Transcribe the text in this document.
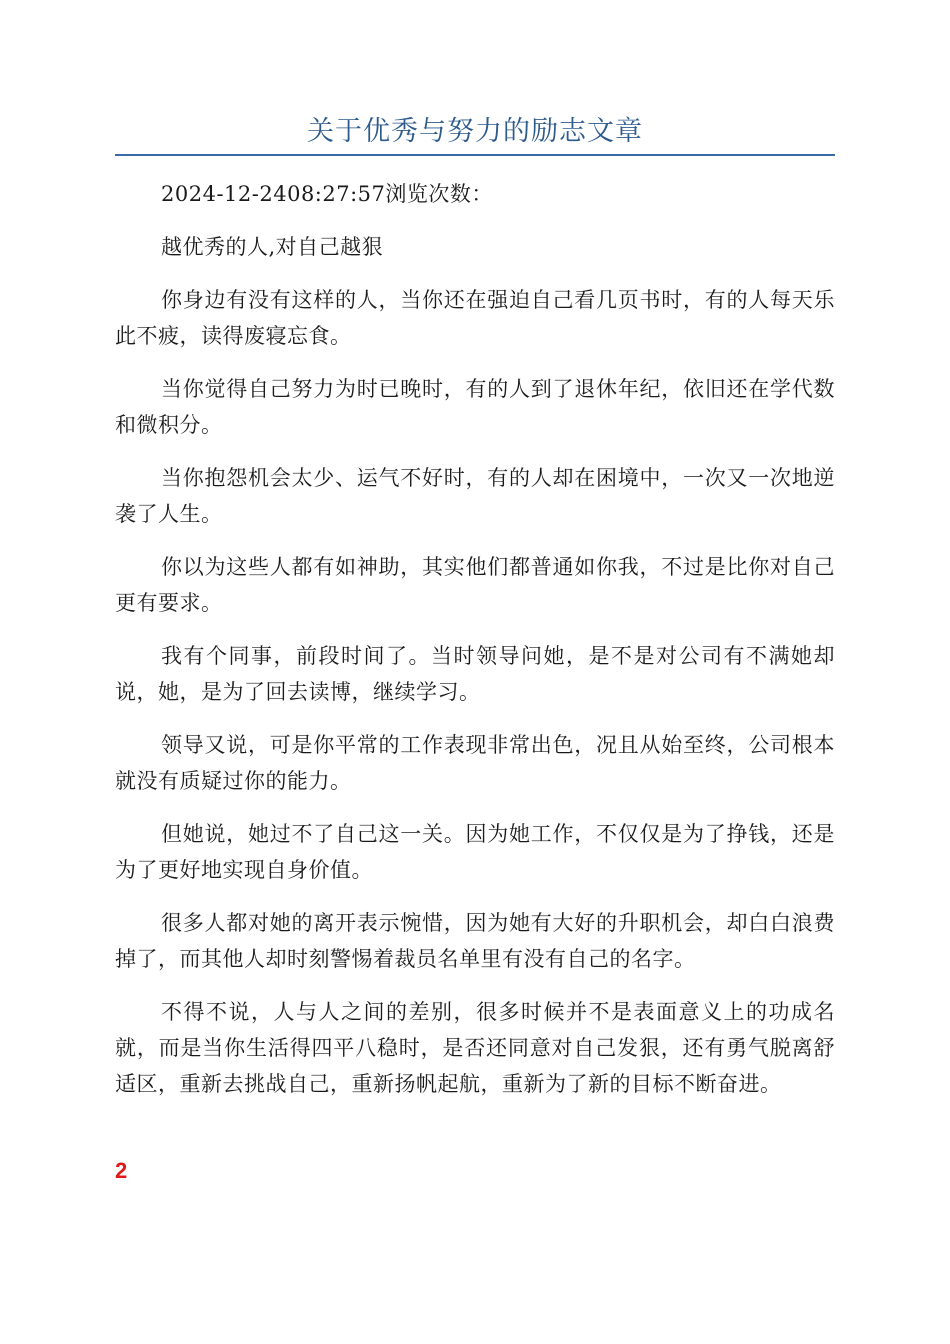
关于优秀与努力的励志文章

2024-12-2408:27:57浏览次数：

越优秀的人,对自己越狠

你身边有没有这样的人，当你还在强迫自己看几页书时，有的人每天乐此不疲，读得废寝忘食。

当你觉得自己努力为时已晚时，有的人到了退休年纪，依旧还在学代数和微积分。

当你抱怨机会太少、运气不好时，有的人却在困境中，一次又一次地逆袭了人生。

你以为这些人都有如神助，其实他们都普通如你我，不过是比你对自己更有要求。

我有个同事，前段时间了。当时领导问她，是不是对公司有不满她却说，她，是为了回去读博，继续学习。

领导又说，可是你平常的工作表现非常出色，况且从始至终，公司根本就没有质疑过你的能力。

但她说，她过不了自己这一关。因为她工作，不仅仅是为了挣钱，还是为了更好地实现自身价值。

很多人都对她的离开表示惋惜，因为她有大好的升职机会，却白白浪费掉了，而其他人却时刻警惕着裁员名单里有没有自己的名字。

不得不说，人与人之间的差别，很多时候并不是表面意义上的功成名就，而是当你生活得四平八稳时，是否还同意对自己发狠，还有勇气脱离舒适区，重新去挑战自己，重新扬帆起航，重新为了新的目标不断奋进。

2
